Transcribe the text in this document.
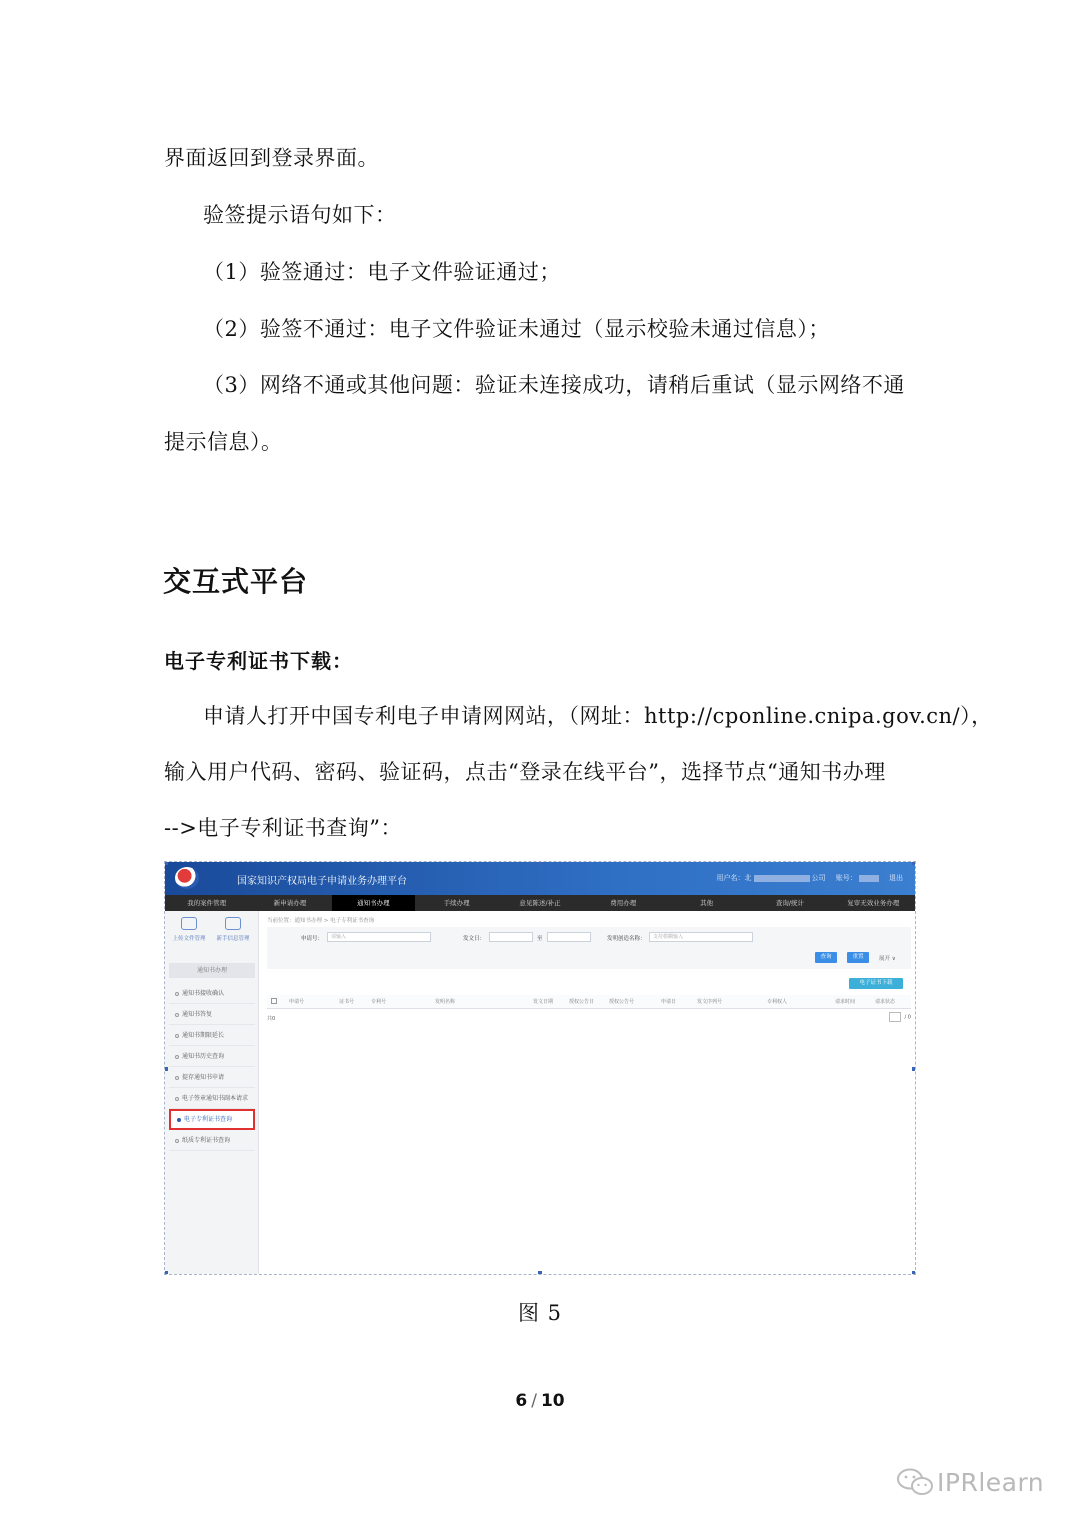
界面返回到登录界面。
验签提示语句如下：
（1）验签通过：电子文件验证通过；
（2）验签不通过：电子文件验证未通过（显示校验未通过信息）；
（3）网络不通或其他问题：验证未连接成功，请稍后重试（显示网络不通
提示信息）。
交互式平台
电子专利证书下载：
申请人打开中国专利电子申请网网站，（网址：http://cponline.cnipa.gov.cn/），
输入用户代码、密码、验证码，点击“登录在线平台”，选择节点“通知书办理
-->电子专利证书查询”：
国家知识产权局电子申请业务办理平台	用户名：北	公司 账号：	退出
我的案件管理	新申请办理	通知书办理	手续办理	意见陈述/补正	费用办理	其他	查询/统计	复审无效业务办理
上传文件管理	新手信息管理
通知书办理
通知书接收确认
通知书答复
通知书期限延长
通知书历史查询
提存通知书申请
电子签章通知书副本请求
电子专利证书查询
纸质专利证书查询
当前位置：通知书办理 > 电子专利证书查询
申请号：	请输入	发文日：	至	发明创造名称：	支持模糊输入
查询	重置	展开 ∨
电子证书下载
申请号	证书号	专利号	发明名称	发文日期	授权公告日	授权公告号	申请日	发文序列号	专利权人	请求时间	请求状态
共0	/ 0
图 5
6 / 10
IPRlearn
